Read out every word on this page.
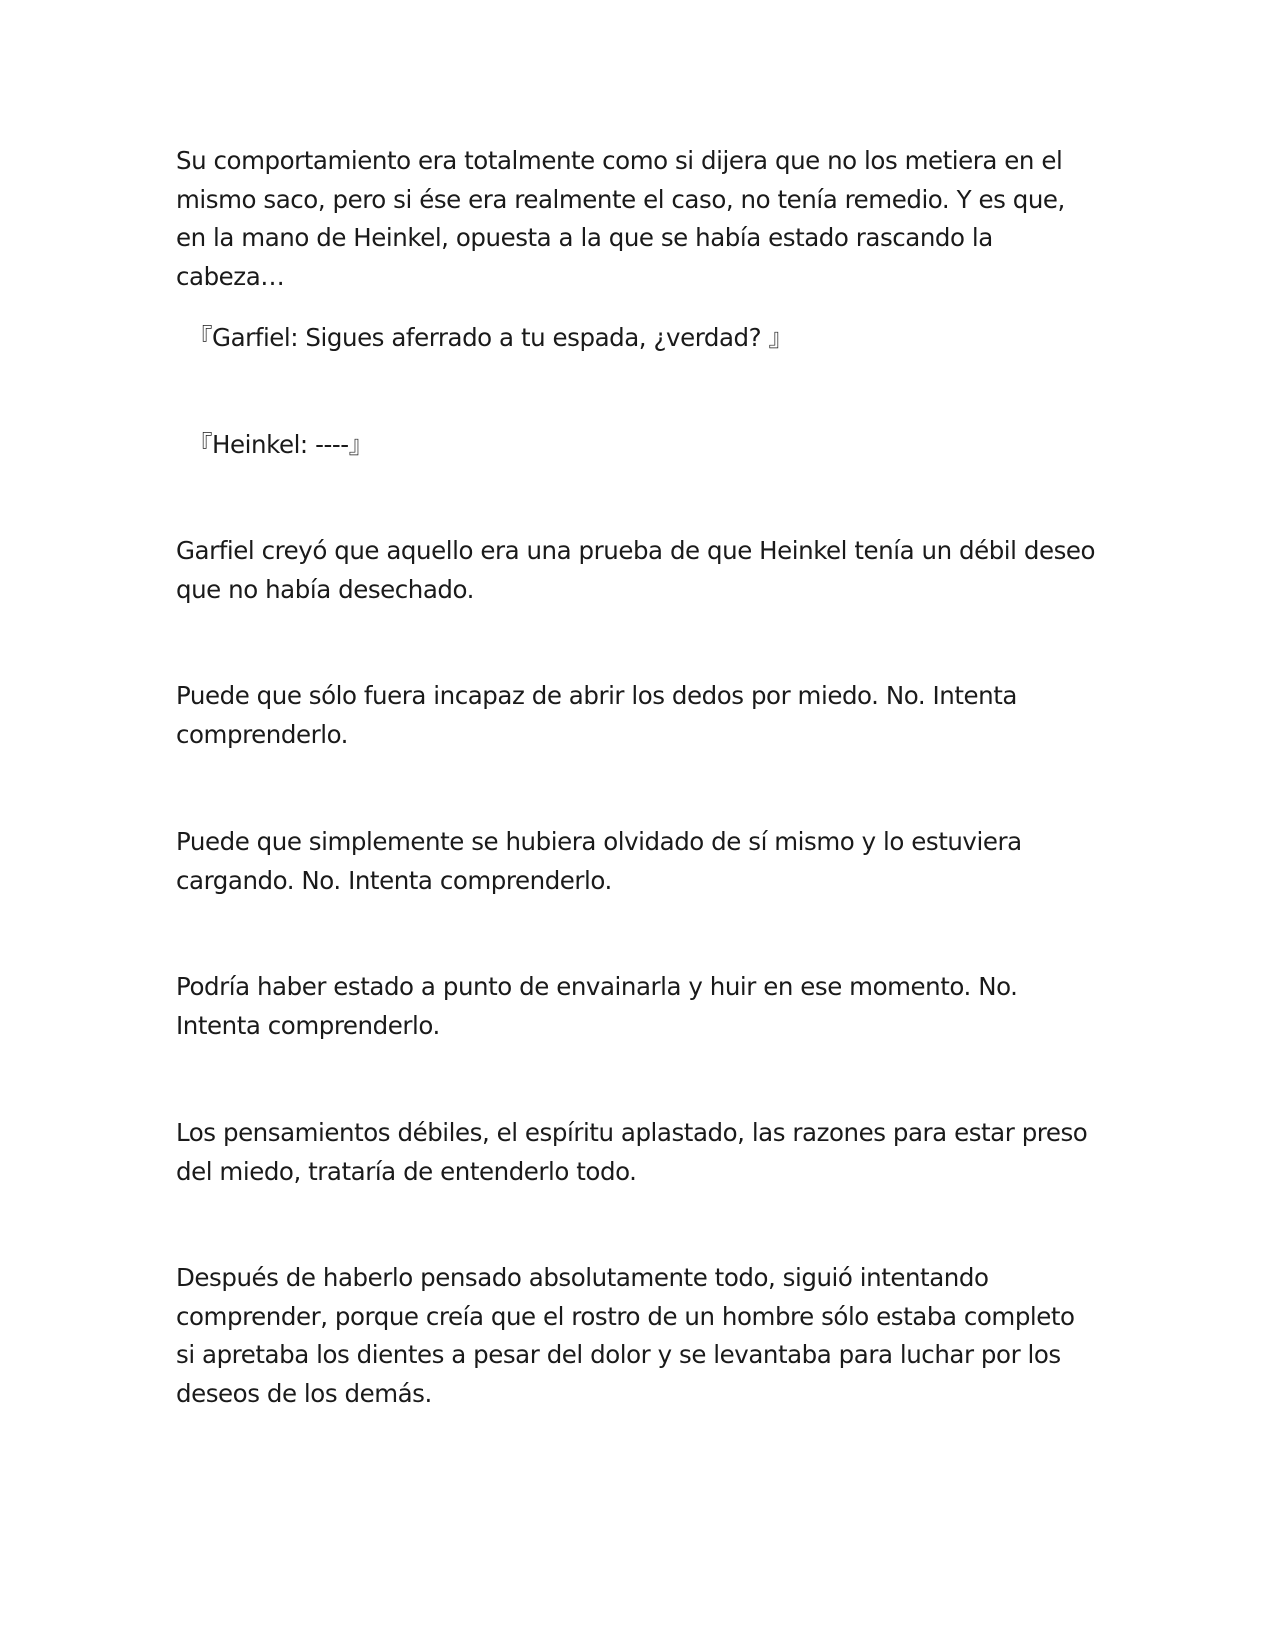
Su comportamiento era totalmente como si dijera que no los metiera en el mismo saco, pero si ése era realmente el caso, no tenía remedio. Y es que, en la mano de Heinkel, opuesta a la que se había estado rascando la cabeza…

『Garfiel: Sigues aferrado a tu espada, ¿verdad? 』

『Heinkel: ----』

Garfiel creyó que aquello era una prueba de que Heinkel tenía un débil deseo que no había desechado.

Puede que sólo fuera incapaz de abrir los dedos por miedo. No. Intenta comprenderlo.

Puede que simplemente se hubiera olvidado de sí mismo y lo estuviera cargando. No. Intenta comprenderlo.

Podría haber estado a punto de envainarla y huir en ese momento. No. Intenta comprenderlo.

Los pensamientos débiles, el espíritu aplastado, las razones para estar preso del miedo, trataría de entenderlo todo.

Después de haberlo pensado absolutamente todo, siguió intentando comprender, porque creía que el rostro de un hombre sólo estaba completo si apretaba los dientes a pesar del dolor y se levantaba para luchar por los deseos de los demás.
